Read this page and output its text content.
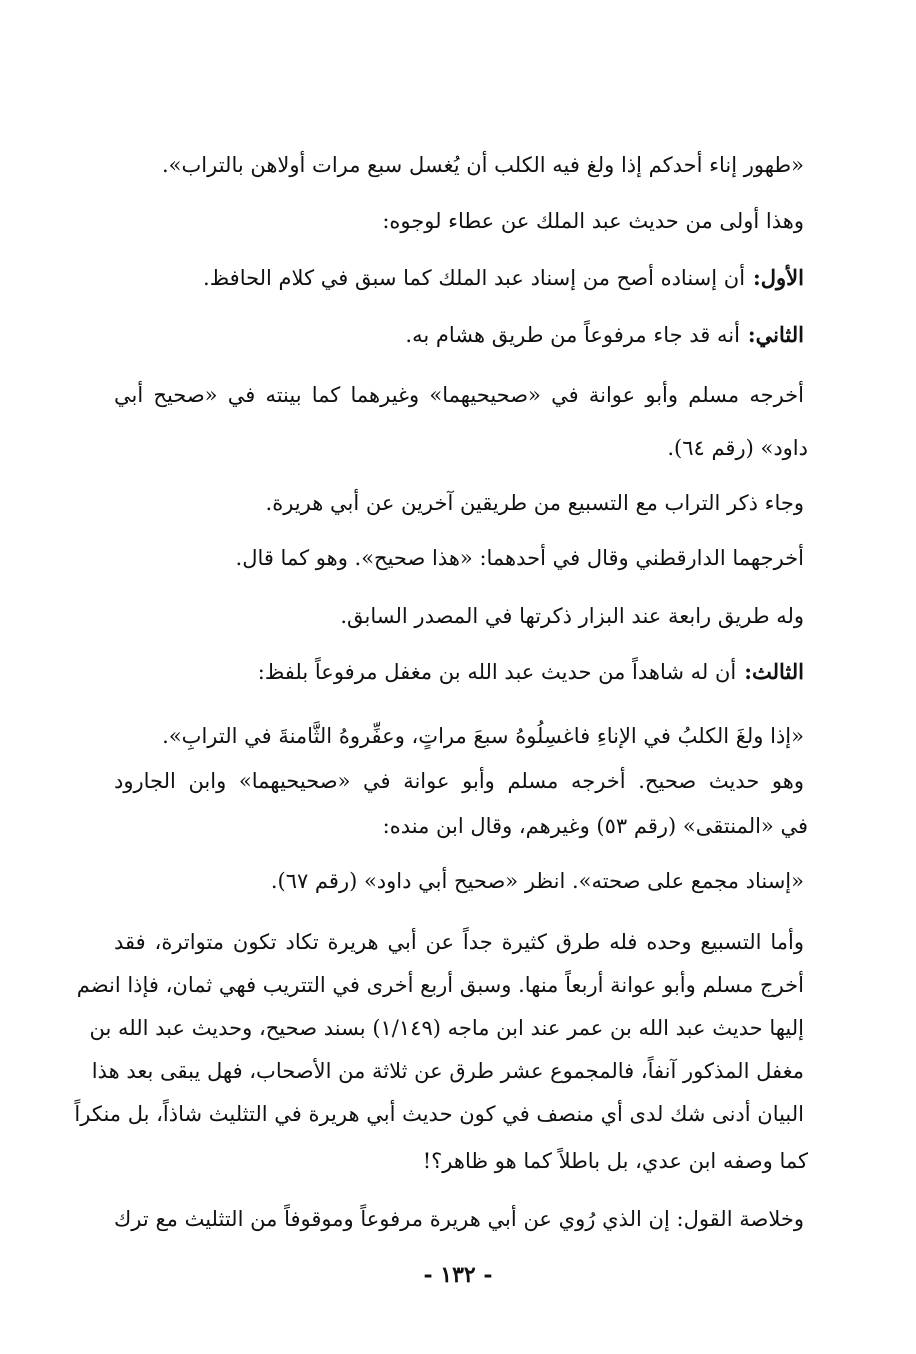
«طهور إناء أحدكم إذا ولغ فيه الكلب أن يُغسل سبع مرات أولاهن بالتراب».
وهذا أولى من حديث عبد الملك عن عطاء لوجوه:
الأول:أن إسناده أصح من إسناد عبد الملك كما سبق في كلام الحافظ.
الثاني:أنه قد جاء مرفوعاً من طريق هشام به.
أخرجه مسلم وأبو عوانة في «صحيحيهما» وغيرهما كما بينته في «صحيح أبي
داود» (رقم ٦٤).
وجاء ذكر التراب مع التسبيع من طريقين آخرين عن أبي هريرة.
أخرجهما الدارقطني وقال في أحدهما: «هذا صحيح». وهو كما قال.
وله طريق رابعة عند البزار ذكرتها في المصدر السابق.
الثالث:أن له شاهداً من حديث عبد الله بن مغفل مرفوعاً بلفظ:
«إذا ولغَ الكلبُ في الإناءِ فاغسِلُوهُ سبعَ مراتٍ، وعفِّروهُ الثَّامنةَ في الترابِ».
وهو حديث صحيح. أخرجه مسلم وأبو عوانة في «صحيحيهما» وابن الجارود
في «المنتقى» (رقم ٥٣) وغيرهم، وقال ابن منده:
«إسناد مجمع على صحته». انظر «صحيح أبي داود» (رقم ٦٧).
وأما التسبيع وحده فله طرق كثيرة جداً عن أبي هريرة تكاد تكون متواترة، فقد
أخرج مسلم وأبو عوانة أربعاً منها. وسبق أربع أخرى في التتريب فهي ثمان، فإذا انضم
إليها حديث عبد الله بن عمر عند ابن ماجه (١/١٤٩) بسند صحيح، وحديث عبد الله بن
مغفل المذكور آنفاً، فالمجموع عشر طرق عن ثلاثة من الأصحاب، فهل يبقى بعد هذا
البيان أدنى شك لدى أي منصف في كون حديث أبي هريرة في التثليث شاذاً، بل منكراً
كما وصفه ابن عدي، بل باطلاً كما هو ظاهر؟!
وخلاصة القول: إن الذي رُوي عن أبي هريرة مرفوعاً وموقوفاً من التثليث مع ترك
- ١٣٢ -
